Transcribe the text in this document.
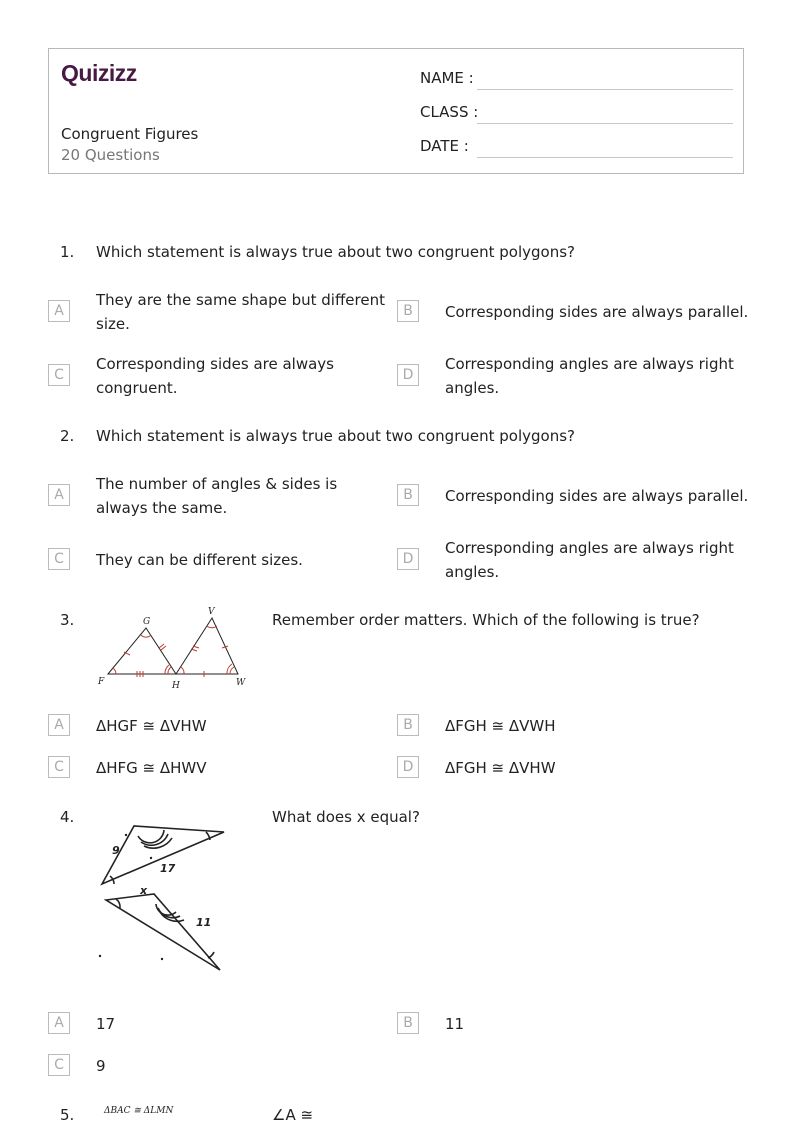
Quizizz
Congruent Figures
20 Questions
NAME :
CLASS :
DATE :
1. Which statement is always true about two congruent polygons?
A
They are the same shape but different size.
B	Corresponding sides are always parallel.
C
Corresponding sides are always congruent.
D
Corresponding angles are always right angles.
2. Which statement is always true about two congruent polygons?
A
The number of angles & sides is always the same.
B	Corresponding sides are always parallel.
C	They can be different sizes.	D
Corresponding angles are always right angles.
3.	G
V
F	H	W
Remember order matters. Which of the following is true?
A	ΔHGF ≅ ΔVHW	B	ΔFGH ≅ ΔVWH
C	ΔHFG ≅ ΔHWV	D	ΔFGH ≅ ΔVHW
4.
9
17
x
11
What does x equal?
A	17	B	11
C	9
5.	ΔBAC ≅ ΔLMN	∠A ≅
